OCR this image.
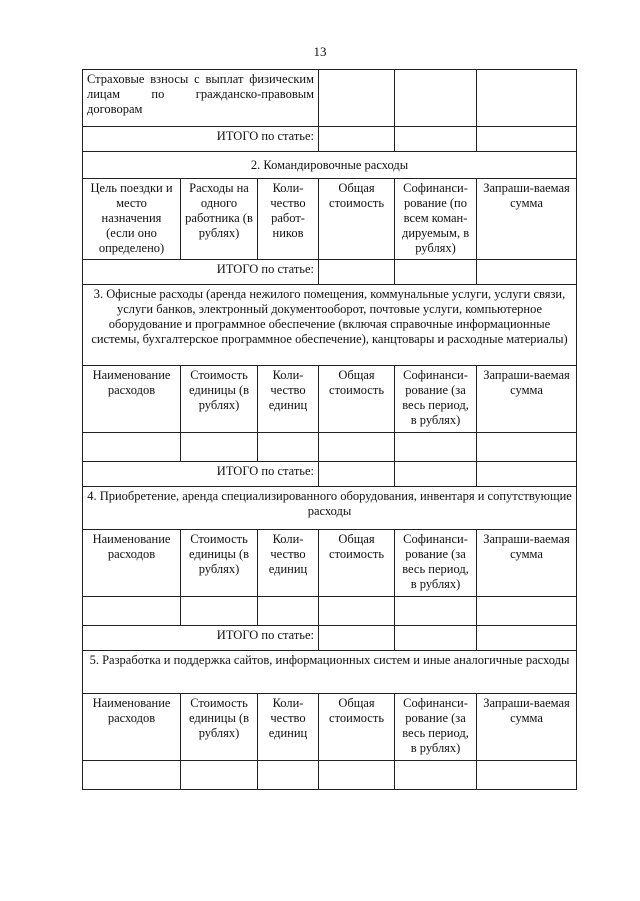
13
Страховые взносы с выплат физическим лицам по гражданско-правовым договорам					
ИТОГО по статье:					
2. Командировочные расходы					
Цель поездки и место назначения (если оно определено)	Расходы на одного работника (в рублях)	Коли-чество работ-ников	Общая стоимость	Софинанси-рование (по всем коман-дируемым, в рублях)	Запраши-ваемая сумма
ИТОГО по статье:					
3. Офисные расходы (аренда нежилого помещения, коммунальные услуги, услуги связи, услуги банков, электронный документооборот, почтовые услуги, компьютерное оборудование и программное обеспечение (включая справочные информационные системы, бухгалтерское программное обеспечение), канцтовары и расходные материалы)					
Наименование расходов	Стоимость единицы (в рублях)	Коли-чество единиц	Общая стоимость	Софинанси-рование (за весь период, в рублях)	Запраши-ваемая сумма

ИТОГО по статье:					
4. Приобретение, аренда специализированного оборудования, инвентаря и сопутствующие расходы					
Наименование расходов	Стоимость единицы (в рублях)	Коли-чество единиц	Общая стоимость	Софинанси-рование (за весь период, в рублях)	Запраши-ваемая сумма

ИТОГО по статье:					
5. Разработка и поддержка сайтов, информационных систем и иные аналогичные расходы					
Наименование расходов	Стоимость единицы (в рублях)	Коли-чество единиц	Общая стоимость	Софинанси-рование (за весь период, в рублях)	Запраши-ваемая сумма
